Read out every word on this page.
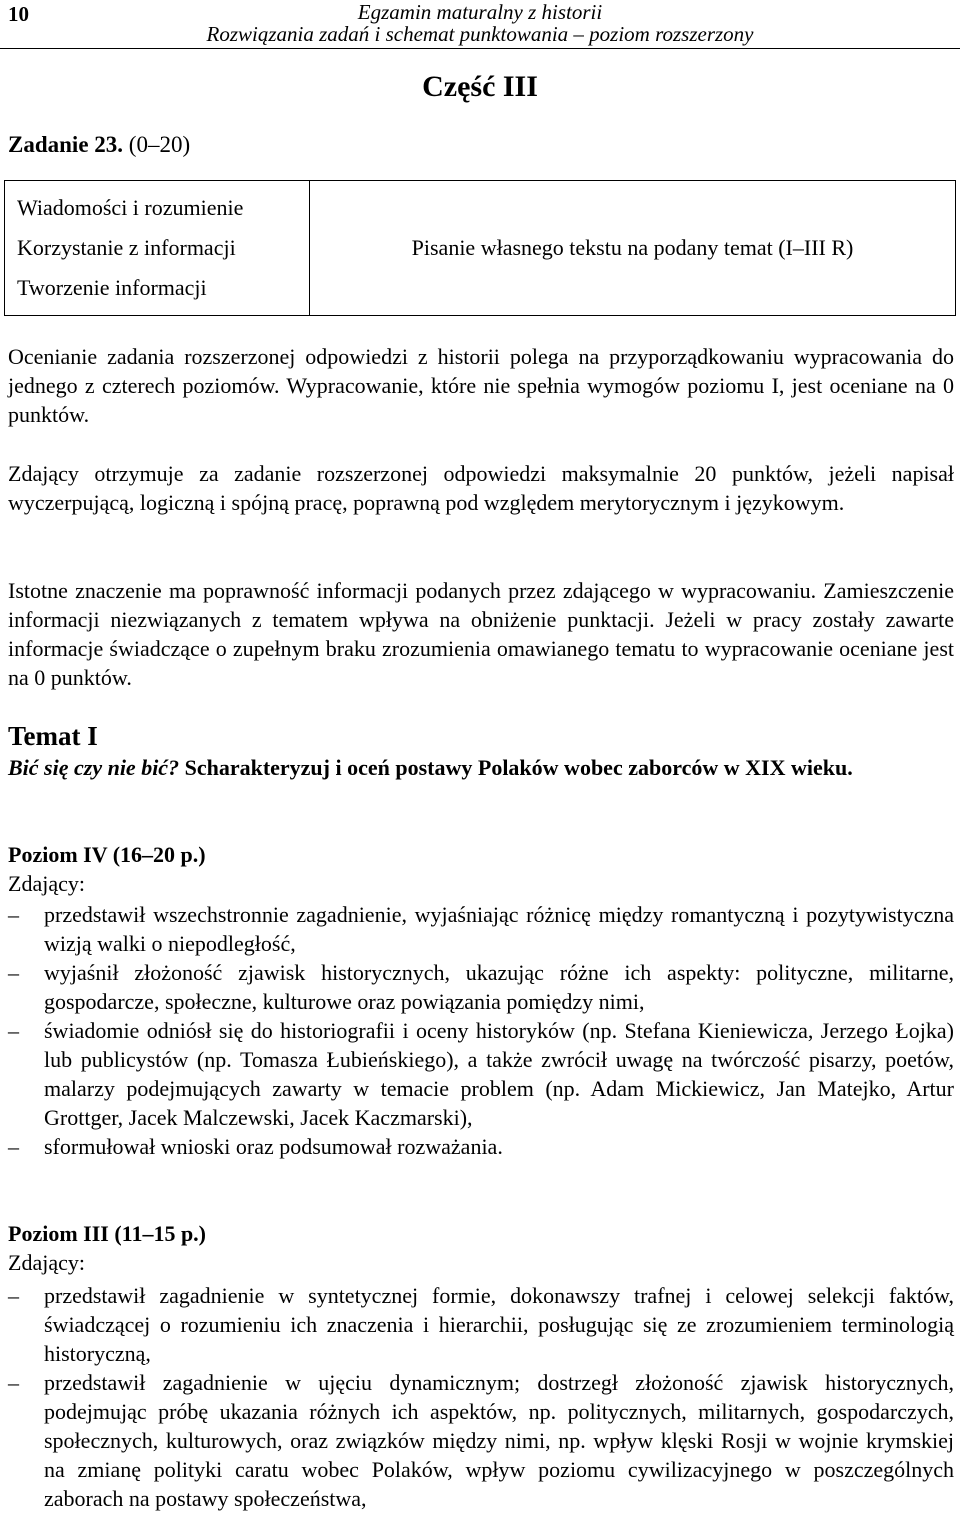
10	Egzamin maturalny z historii
Rozwiązania zadań i schemat punktowania – poziom rozszerzony
Część III
Zadanie 23. (0–20)
Wiadomości i rozumienie
Korzystanie z informacji
Tworzenie informacji
	Pisanie własnego tekstu na podany temat (I–III R)
Ocenianie zadania rozszerzonej odpowiedzi z historii polega na przyporządkowaniu wypracowania do jednego z czterech poziomów. Wypracowanie, które nie spełnia wymogów poziomu I, jest oceniane na 0 punktów.
Zdający otrzymuje za zadanie rozszerzonej odpowiedzi maksymalnie 20 punktów, jeżeli napisał wyczerpującą, logiczną i spójną pracę, poprawną pod względem merytorycznym i językowym.
Istotne znaczenie ma poprawność informacji podanych przez zdającego w wypracowaniu. Zamieszczenie informacji niezwiązanych z tematem wpływa na obniżenie punktacji. Jeżeli w pracy zostały zawarte informacje świadczące o zupełnym braku zrozumienia omawianego tematu to wypracowanie oceniane jest na 0 punktów.
Temat I
Bić się czy nie bić? Scharakteryzuj i oceń postawy Polaków wobec zaborców w XIX wieku.
Poziom IV (16–20 p.)
Zdający:
– przedstawił wszechstronnie zagadnienie, wyjaśniając różnicę między romantyczną i pozytywistyczna wizją walki o niepodległość,
– wyjaśnił złożoność zjawisk historycznych, ukazując różne ich aspekty: polityczne, militarne, gospodarcze, społeczne, kulturowe oraz powiązania pomiędzy nimi,
– świadomie odniósł się do historiografii i oceny historyków (np. Stefana Kieniewicza, Jerzego Łojka) lub publicystów (np. Tomasza Łubieńskiego), a także zwrócił uwagę na twórczość pisarzy, poetów, malarzy podejmujących zawarty w temacie problem (np. Adam Mickiewicz, Jan Matejko, Artur Grottger, Jacek Malczewski, Jacek Kaczmarski),
– sformułował wnioski oraz podsumował rozważania.
Poziom III (11–15 p.)
Zdający:
– przedstawił zagadnienie w syntetycznej formie, dokonawszy trafnej i celowej selekcji faktów, świadczącej o rozumieniu ich znaczenia i hierarchii, posługując się ze zrozumieniem terminologią historyczną,
– przedstawił zagadnienie w ujęciu dynamicznym; dostrzegł złożoność zjawisk historycznych, podejmując próbę ukazania różnych ich aspektów, np. politycznych, militarnych, gospodarczych, społecznych, kulturowych, oraz związków między nimi, np. wpływ klęski Rosji w wojnie krymskiej na zmianę polityki caratu wobec Polaków, wpływ poziomu cywilizacyjnego w poszczególnych zaborach na postawy społeczeństwa,
